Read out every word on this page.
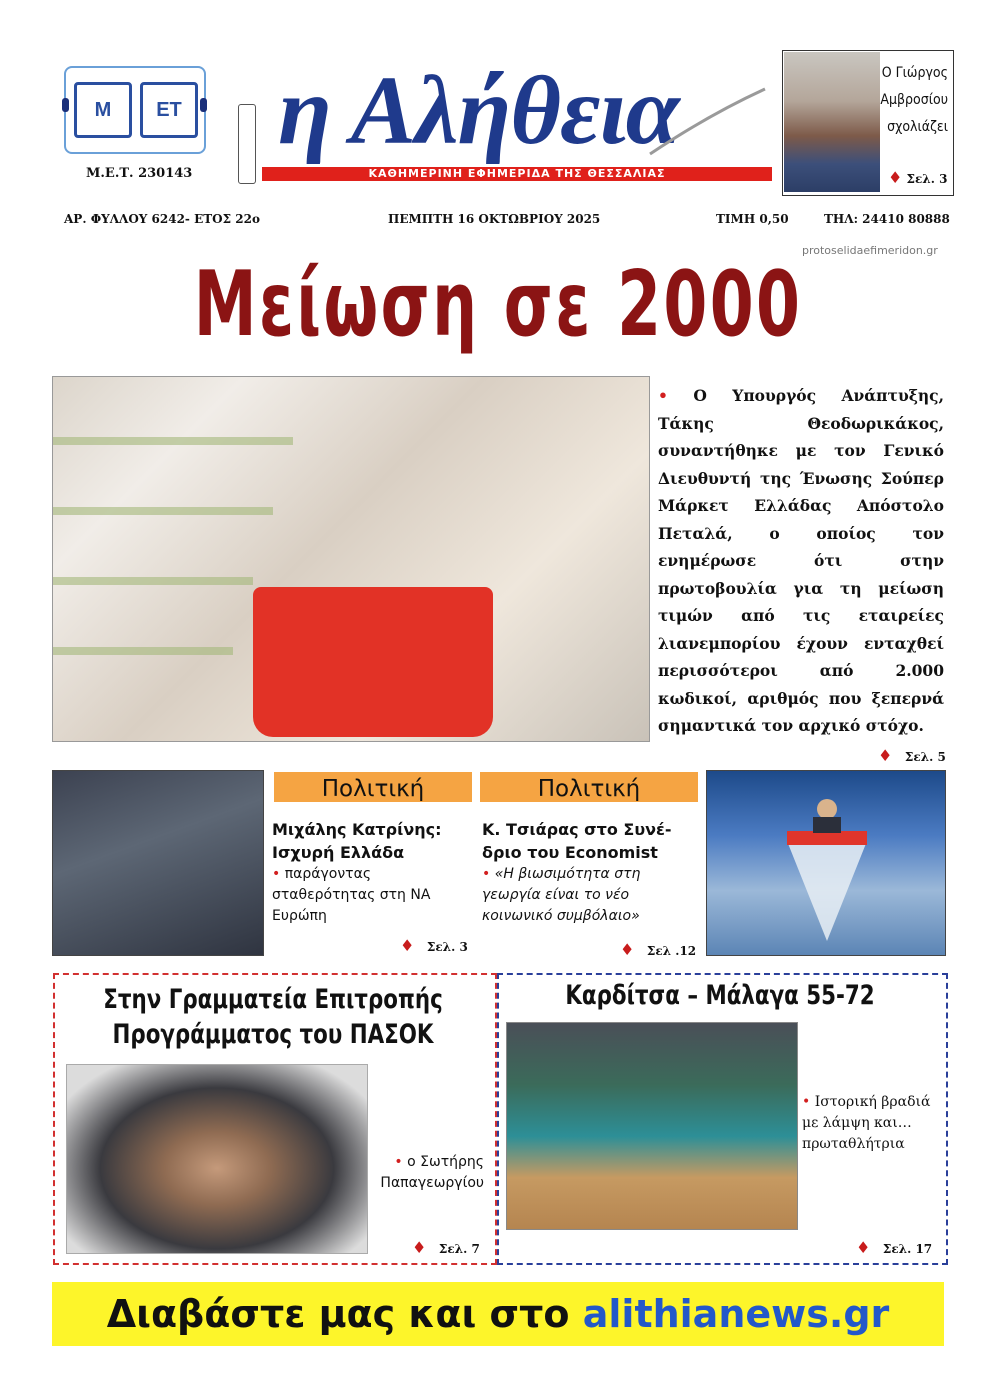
Μ ΕΤ
Μ.Ε.Τ. 230143
η Αλήθεια
ΚΑΘΗΜΕΡΙΝΗ ΕΦΗΜΕΡΙΔΑ ΤΗΣ ΘΕΣΣΑΛΙΑΣ
Ο Γιώργος
Αμβροσίου
σχολιάζει
♦ Σελ. 3
ΑΡ. ΦΥΛΛΟΥ 6242- ΕΤΟΣ 22ο	ΠΕΜΠΤΗ 16 ΟΚΤΩΒΡΙΟΥ 2025	ΤΙΜΗ 0,50	ΤΗΛ: 24410 80888
protoselidaefimeridon.gr
Μείωση σε 2000
• Ο Υπουργός Ανάπτυξης, Τάκης Θεοδωρικάκος, συναντήθηκε με τον Γενικό Διευθυντή της Ένωσης Σούπερ Μάρκετ Ελλάδας Απόστολο Πεταλά, ο οποίος τον ενημέρωσε ότι στην πρωτοβουλία για τη μείωση τιμών από τις εταιρείες λιανεμπορίου έχουν ενταχθεί περισσότεροι από 2.000 κωδικοί, αριθμός που ξεπερνά σημαντικά τον αρχικό στόχο.
♦ Σελ. 5
Πολιτική
Μιχάλης Κατρίνης:
Ισχυρή Ελλάδα
• παράγοντας σταθερότητας στη ΝΑ Ευρώπη
♦ Σελ. 3
Πολιτική
Κ. Τσιάρας στο Συνέ-
δριο του Economist
• «Η βιωσιμότητα στη γεωργία είναι το νέο κοινωνικό συμβόλαιο»
♦ Σελ .12
Στην Γραμματεία Επιτροπής
Προγράμματος του ΠΑΣΟΚ
• ο Σωτήρης
Παπαγεωργίου
♦ Σελ. 7
Καρδίτσα – Μάλαγα 55-72
• Ιστορική βραδιά με λάμψη και… πρωταθλήτρια
♦ Σελ. 17
Διαβάστε μας και στο alithianews.gr
